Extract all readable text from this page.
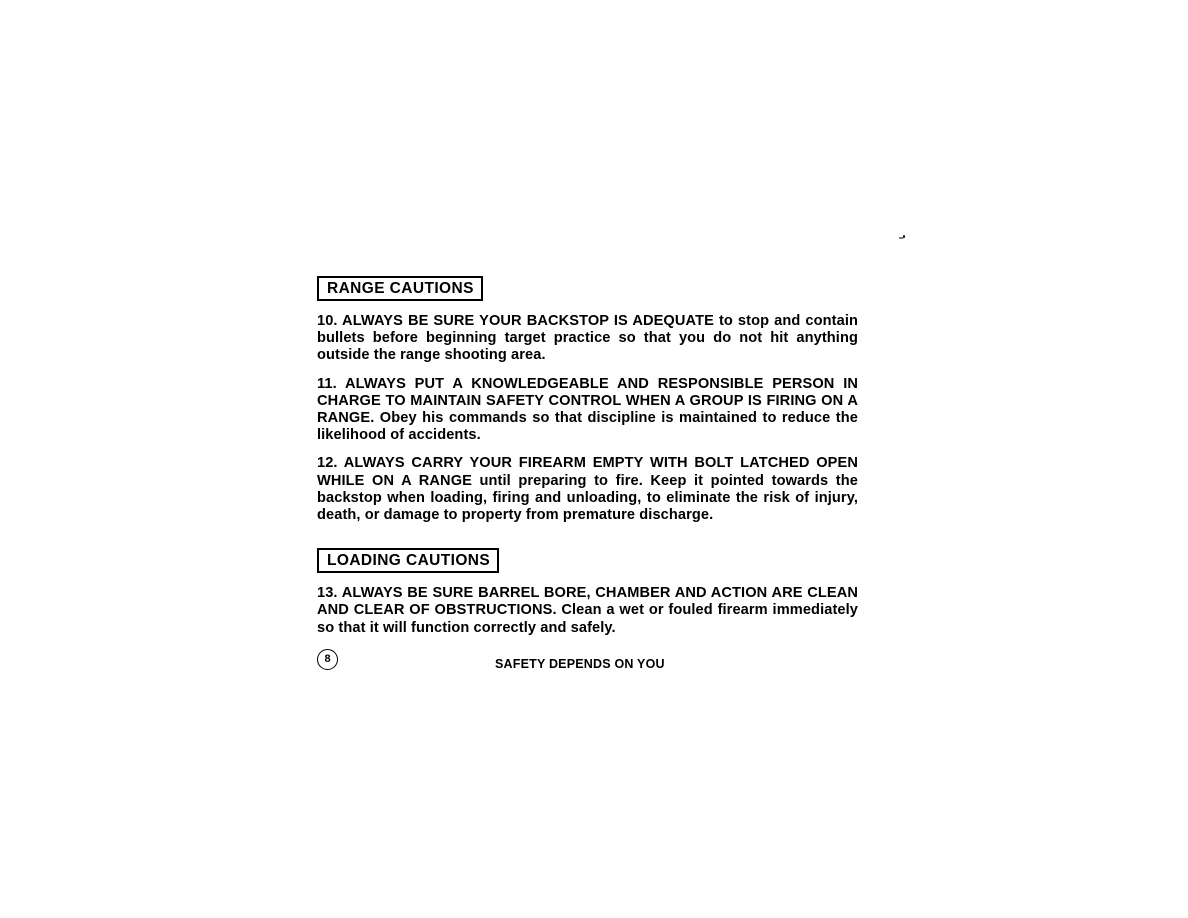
RANGE CAUTIONS

10. ALWAYS BE SURE YOUR BACKSTOP IS ADEQUATE to stop and contain bullets before beginning target practice so that you do not hit anything outside the range shooting area.

11. ALWAYS PUT A KNOWLEDGEABLE AND RESPONSIBLE PERSON IN CHARGE TO MAINTAIN SAFETY CONTROL WHEN A GROUP IS FIRING ON A RANGE. Obey his commands so that discipline is maintained to reduce the likelihood of accidents.

12. ALWAYS CARRY YOUR FIREARM EMPTY WITH BOLT LATCHED OPEN WHILE ON A RANGE until preparing to fire. Keep it pointed towards the backstop when loading, firing and unloading, to eliminate the risk of injury, death, or damage to property from premature discharge.

LOADING CAUTIONS

13. ALWAYS BE SURE BARREL BORE, CHAMBER AND ACTION ARE CLEAN AND CLEAR OF OBSTRUCTIONS. Clean a wet or fouled firearm immediately so that it will function correctly and safely.

8	SAFETY DEPENDS ON YOU
